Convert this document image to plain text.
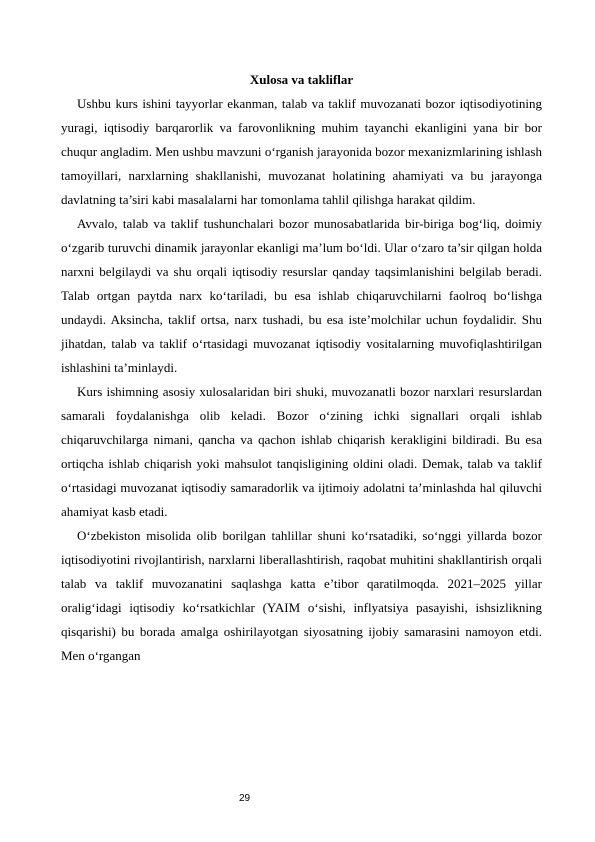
Xulosa va takliflar

Ushbu kurs ishini tayyorlar ekanman, talab va taklif muvozanati bozor iqtisodiyotining yuragi, iqtisodiy barqarorlik va farovonlikning muhim tayanchi ekanligini yana bir bor chuqur angladim. Men ushbu mavzuni o‘rganish jarayonida bozor mexanizmlarining ishlash tamoyillari, narxlarning shakllanishi, muvozanat holatining ahamiyati va bu jarayonga davlatning ta’siri kabi masalalarni har tomonlama tahlil qilishga harakat qildim.

Avvalo, talab va taklif tushunchalari bozor munosabatlarida bir-biriga bog‘liq, doimiy o‘zgarib turuvchi dinamik jarayonlar ekanligi ma’lum bo‘ldi. Ular o‘zaro ta’sir qilgan holda narxni belgilaydi va shu orqali iqtisodiy resurslar qanday taqsimlanishini belgilab beradi. Talab ortgan paytda narx ko‘tariladi, bu esa ishlab chiqaruvchilarni faolroq bo‘lishga undaydi. Aksincha, taklif ortsa, narx tushadi, bu esa iste’molchilar uchun foydalidir. Shu jihatdan, talab va taklif o‘rtasidagi muvozanat iqtisodiy vositalarning muvofiqlashtirilgan ishlashini ta’minlaydi.

Kurs ishimning asosiy xulosalaridan biri shuki, muvozanatli bozor narxlari resurslardan samarali foydalanishga olib keladi. Bozor o‘zining ichki signallari orqali ishlab chiqaruvchilarga nimani, qancha va qachon ishlab chiqarish kerakligini bildiradi. Bu esa ortiqcha ishlab chiqarish yoki mahsulot tanqisligining oldini oladi. Demak, talab va taklif o‘rtasidagi muvozanat iqtisodiy samaradorlik va ijtimoiy adolatni ta’minlashda hal qiluvchi ahamiyat kasb etadi.

O‘zbekiston misolida olib borilgan tahlillar shuni ko‘rsatadiki, so‘nggi yillarda bozor iqtisodiyotini rivojlantirish, narxlarni liberallashtirish, raqobat muhitini shakllantirish orqali talab va taklif muvozanatini saqlashga katta e’tibor qaratilmoqda. 2021–2025 yillar oralig‘idagi iqtisodiy ko‘rsatkichlar (YAIM o‘sishi, inflyatsiya pasayishi, ishsizlikning qisqarishi) bu borada amalga oshirilayotgan siyosatning ijobiy samarasini namoyon etdi. Men o‘rgangan

29
